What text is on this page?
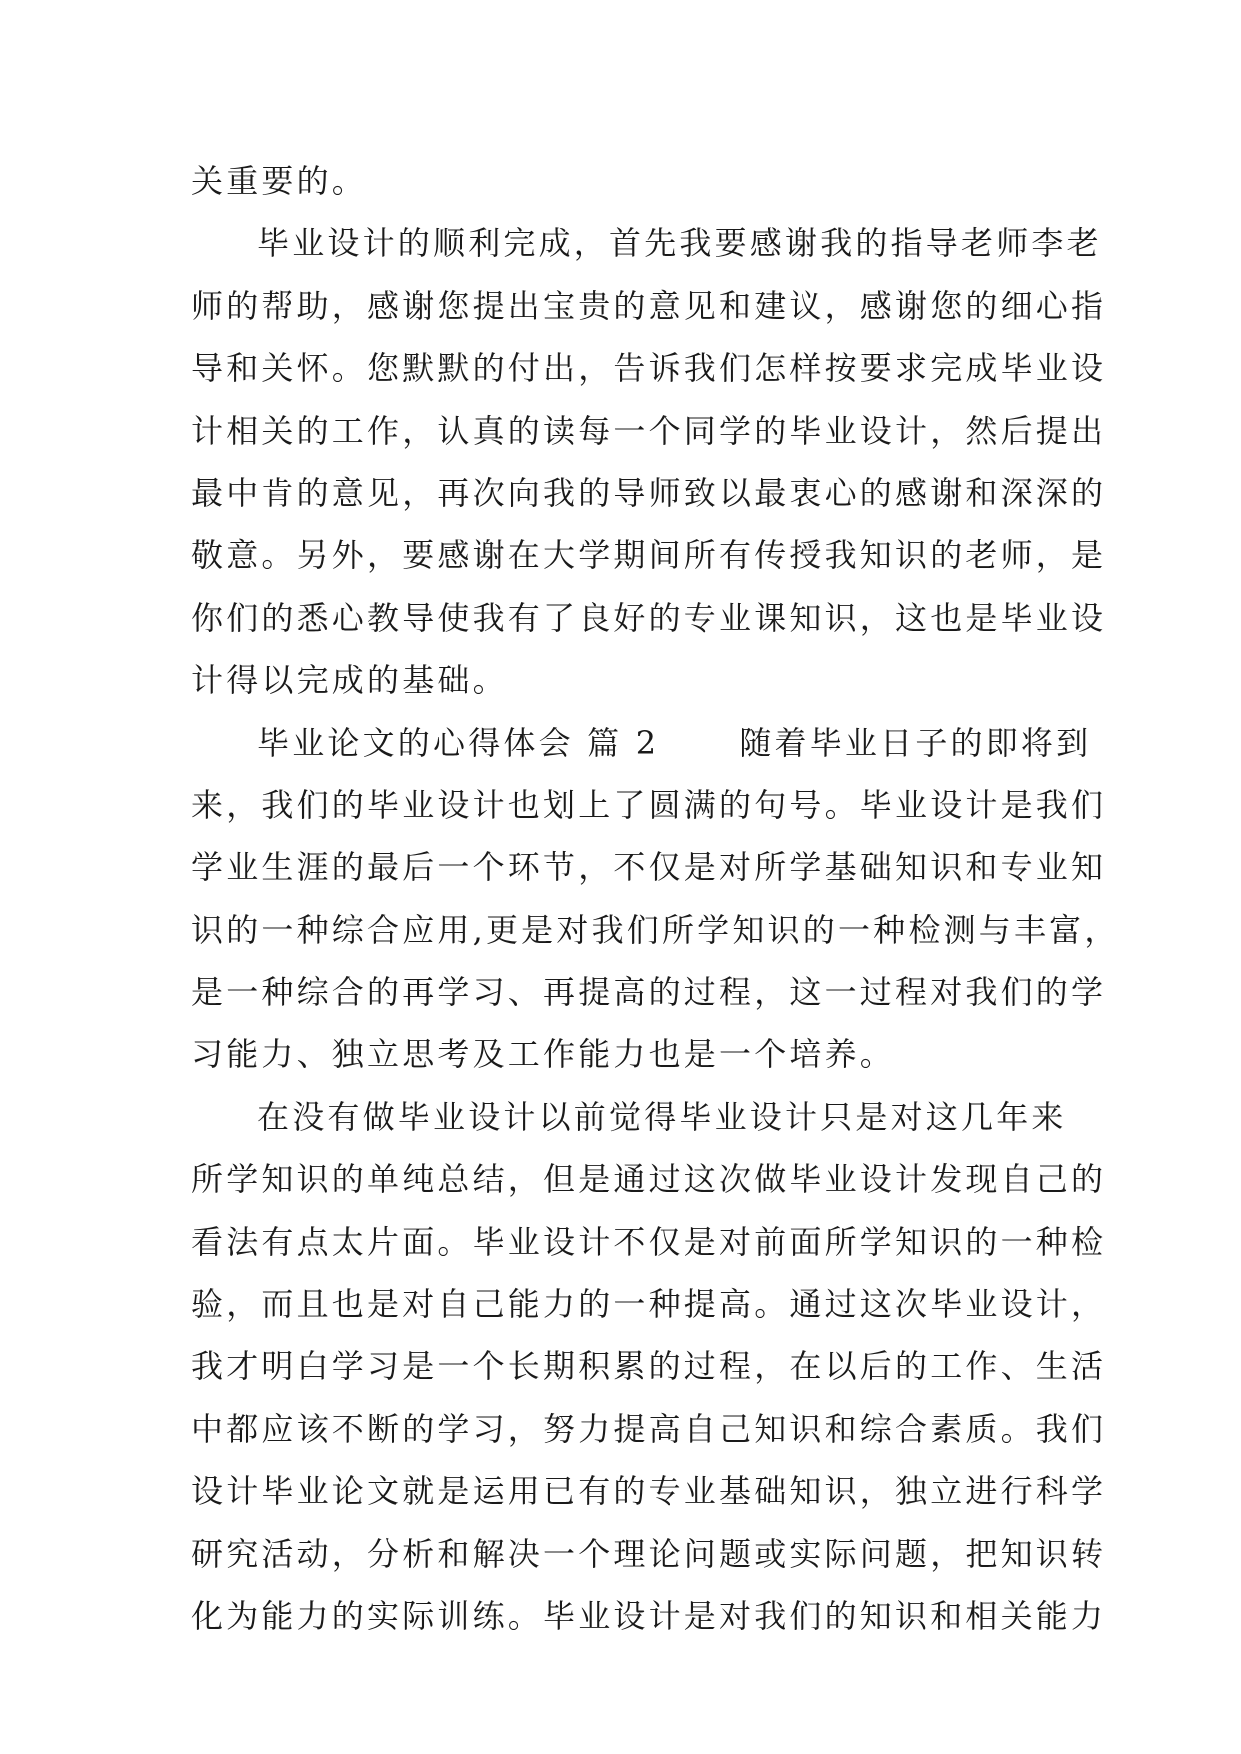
关重要的。
毕业设计的顺利完成，首先我要感谢我的指导老师李老
师的帮助，感谢您提出宝贵的意见和建议，感谢您的细心指
导和关怀。您默默的付出，告诉我们怎样按要求完成毕业设
计相关的工作，认真的读每一个同学的毕业设计，然后提出
最中肯的意见，再次向我的导师致以最衷心的感谢和深深的
敬意。另外，要感谢在大学期间所有传授我知识的老师，是
你们的悉心教导使我有了良好的专业课知识，这也是毕业设
计得以完成的基础。
毕业论文的心得体会 篇 2	随着毕业日子的即将到
来，我们的毕业设计也划上了圆满的句号。毕业设计是我们
学业生涯的最后一个环节，不仅是对所学基础知识和专业知
识的一种综合应用,更是对我们所学知识的一种检测与丰富，
是一种综合的再学习、再提高的过程，这一过程对我们的学
习能力、独立思考及工作能力也是一个培养。
在没有做毕业设计以前觉得毕业设计只是对这几年来
所学知识的单纯总结，但是通过这次做毕业设计发现自己的
看法有点太片面。毕业设计不仅是对前面所学知识的一种检
验，而且也是对自己能力的一种提高。通过这次毕业设计，
我才明白学习是一个长期积累的过程，在以后的工作、生活
中都应该不断的学习，努力提高自己知识和综合素质。我们
设计毕业论文就是运用已有的专业基础知识，独立进行科学
研究活动，分析和解决一个理论问题或实际问题，把知识转
化为能力的实际训练。毕业设计是对我们的知识和相关能力
